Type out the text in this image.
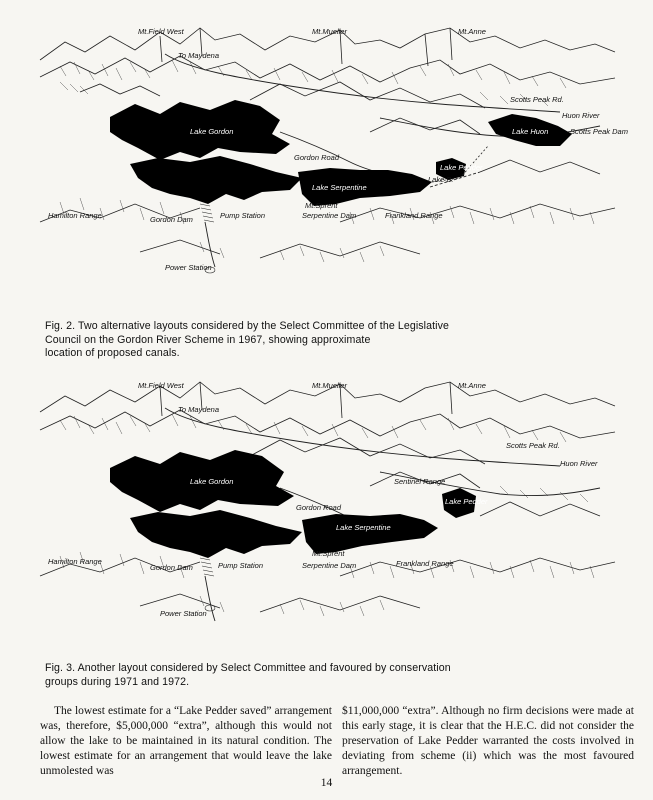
Mt.Field West
To Maydena
Mt.Mueller	Mt.Anne
Scotts Peak Rd.
Huon River
Lake Huon	Scotts Peak Dam
Lake Gordon
Gordon Road
Lake Pedder
Lake B.
Lake Serpentine
Mt.Sprent
Serpentine Dam
Pump Station
Hamilton Range	Gordon Dam	Frankland Range
Power Station
Fig. 2. Two alternative layouts considered by the Select Committee of the Legislative
Council on the Gordon River Scheme in 1967, showing approximate
location of proposed canals.
Mt.Field West
To Maydena
Mt.Mueller	Mt.Anne
Scotts Peak Rd.
Huon River
Lake Gordon	Sentinel Range
Lake Pedder
Gordon Road
Lake Serpentine
Mt.Sprent
Serpentine Dam
Pump Station
Hamilton Range
Gordon Dam	Frankland Range
Power Station
Fig. 3. Another layout considered by Select Committee and favoured by conservation
groups during 1971 and 1972.
The lowest estimate for a “Lake Pedder saved” arrangement was, therefore, $5,000,000 “extra”, although this would not allow the lake to be maintained in its natural condition. The lowest estimate for an arrangement that would leave the lake unmolested was
$11,000,000 “extra”. Although no firm decisions were made at this early stage, it is clear that the H.E.C. did not consider the preservation of Lake Pedder warranted the costs involved in deviating from scheme (ii) which was the most favoured arrangement.
14
